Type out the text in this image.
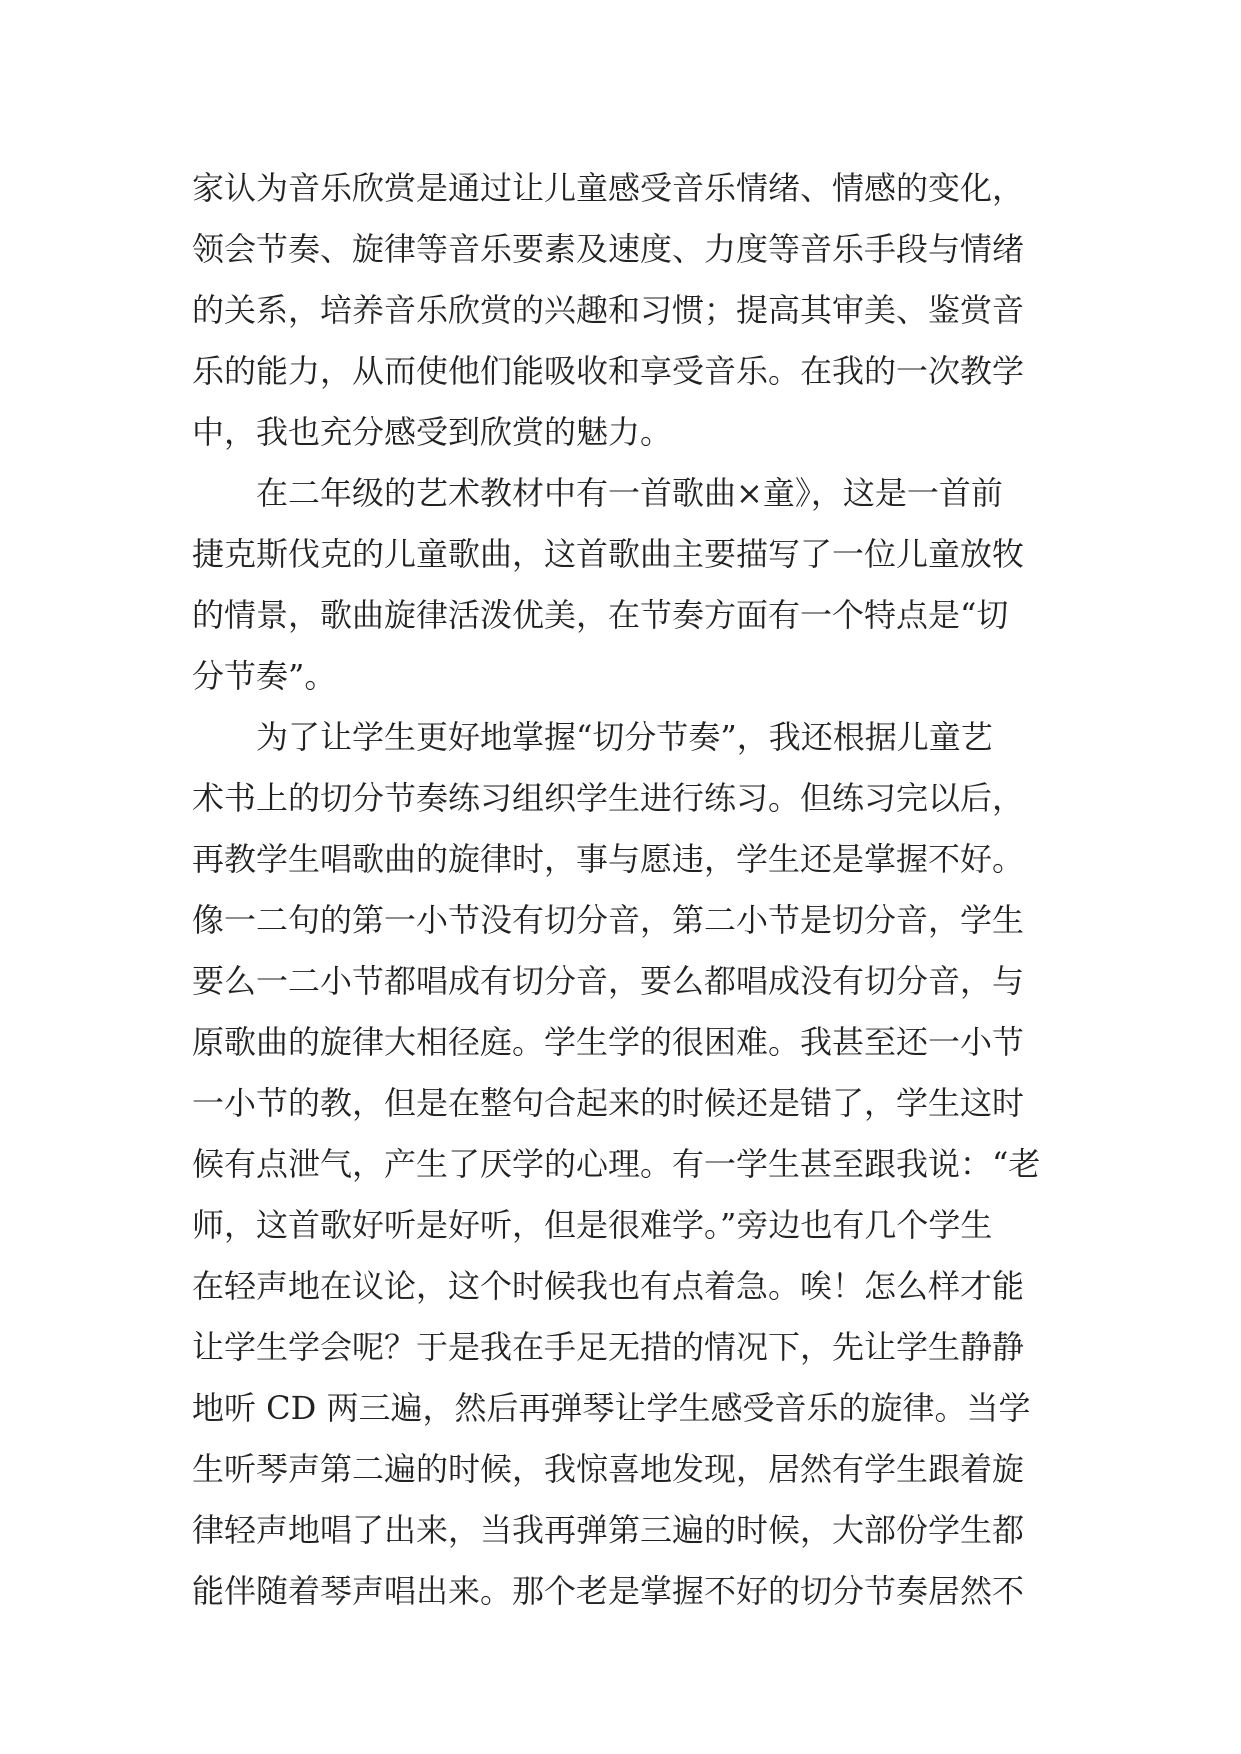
家认为音乐欣赏是通过让儿童感受音乐情绪、情感的变化，
领会节奏、旋律等音乐要素及速度、力度等音乐手段与情绪
的关系，培养音乐欣赏的兴趣和习惯；提高其审美、鉴赏音
乐的能力，从而使他们能吸收和享受音乐。在我的一次教学
中，我也充分感受到欣赏的魅力。
　　在二年级的艺术教材中有一首歌曲×童》，这是一首前
捷克斯伐克的儿童歌曲，这首歌曲主要描写了一位儿童放牧
的情景，歌曲旋律活泼优美，在节奏方面有一个特点是“切
分节奏”。
　　为了让学生更好地掌握“切分节奏”，我还根据儿童艺
术书上的切分节奏练习组织学生进行练习。但练习完以后，
再教学生唱歌曲的旋律时，事与愿违，学生还是掌握不好。
像一二句的第一小节没有切分音，第二小节是切分音，学生
要么一二小节都唱成有切分音，要么都唱成没有切分音，与
原歌曲的旋律大相径庭。学生学的很困难。我甚至还一小节
一小节的教，但是在整句合起来的时候还是错了，学生这时
候有点泄气，产生了厌学的心理。有一学生甚至跟我说：“老
师，这首歌好听是好听，但是很难学。”旁边也有几个学生
在轻声地在议论，这个时候我也有点着急。唉！怎么样才能
让学生学会呢？于是我在手足无措的情况下，先让学生静静
地听 CD 两三遍，然后再弹琴让学生感受音乐的旋律。当学
生听琴声第二遍的时候，我惊喜地发现，居然有学生跟着旋
律轻声地唱了出来，当我再弹第三遍的时候，大部份学生都
能伴随着琴声唱出来。那个老是掌握不好的切分节奏居然不
